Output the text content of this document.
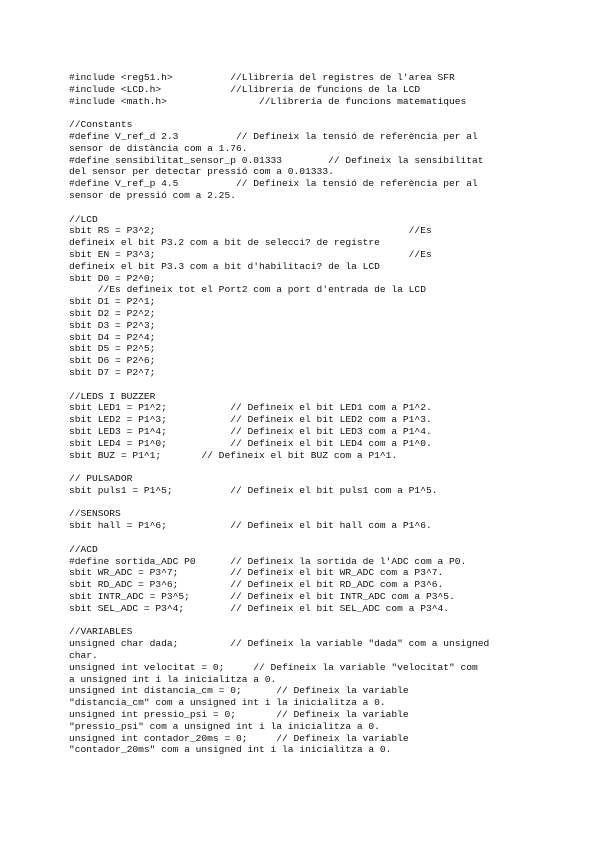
#include <reg51.h>          //Llibreria del registres de l'area SFR
#include <LCD.h>            //Llibreria de funcions de la LCD
#include <math.h>                //Llibreria de funcions matematiques
//Constants
#define V_ref_d 2.3          // Defineix la tensió de referència per al
sensor de distància com a 1.76.
#define sensibilitat_sensor_p 0.01333        // Defineix la sensibilitat
del sensor per detectar pressió com a 0.01333.
#define V_ref_p 4.5          // Defineix la tensió de referència per al
sensor de pressió com a 2.25.
//LCD
sbit RS = P3^2;                                            //Es
defineix el bit P3.2 com a bit de selecci? de registre
sbit EN = P3^3;                                            //Es
defineix el bit P3.3 com a bit d'habilitaci? de la LCD
sbit D0 = P2^0;
//Es defineix tot el Port2 com a port d'entrada de la LCD
sbit D1 = P2^1;
sbit D2 = P2^2;
sbit D3 = P2^3;
sbit D4 = P2^4;
sbit D5 = P2^5;
sbit D6 = P2^6;
sbit D7 = P2^7;
//LEDS I BUZZER
sbit LED1 = P1^2;           // Defineix el bit LED1 com a P1^2.
sbit LED2 = P1^3;           // Defineix el bit LED2 com a P1^3.
sbit LED3 = P1^4;           // Defineix el bit LED3 com a P1^4.
sbit LED4 = P1^0;           // Defineix el bit LED4 com a P1^0.
sbit BUZ = P1^1;       // Defineix el bit BUZ com a P1^1.
// PULSADOR
sbit puls1 = P1^5;          // Defineix el bit puls1 com a P1^5.
//SENSORS
sbit hall = P1^6;           // Defineix el bit hall com a P1^6.
//ACD
#define sortida_ADC P0      // Defineix la sortida de l'ADC com a P0.
sbit WR_ADC = P3^7;         // Defineix el bit WR_ADC com a P3^7.
sbit RD_ADC = P3^6;         // Defineix el bit RD_ADC com a P3^6.
sbit INTR_ADC = P3^5;       // Defineix el bit INTR_ADC com a P3^5.
sbit SEL_ADC = P3^4;        // Defineix el bit SEL_ADC com a P3^4.
//VARIABLES
unsigned char dada;         // Defineix la variable "dada" com a unsigned
char.
unsigned int velocitat = 0;     // Defineix la variable "velocitat" com
a unsigned int i la inicialitza a 0.
unsigned int distancia_cm = 0;      // Defineix la variable
"distancia_cm" com a unsigned int i la inicialitza a 0.
unsigned int pressio_psi = 0;       // Defineix la variable
"pressio_psi" com a unsigned int i la inicialitza a 0.
unsigned int contador_20ms = 0;     // Defineix la variable
"contador_20ms" com a unsigned int i la inicialitza a 0.
